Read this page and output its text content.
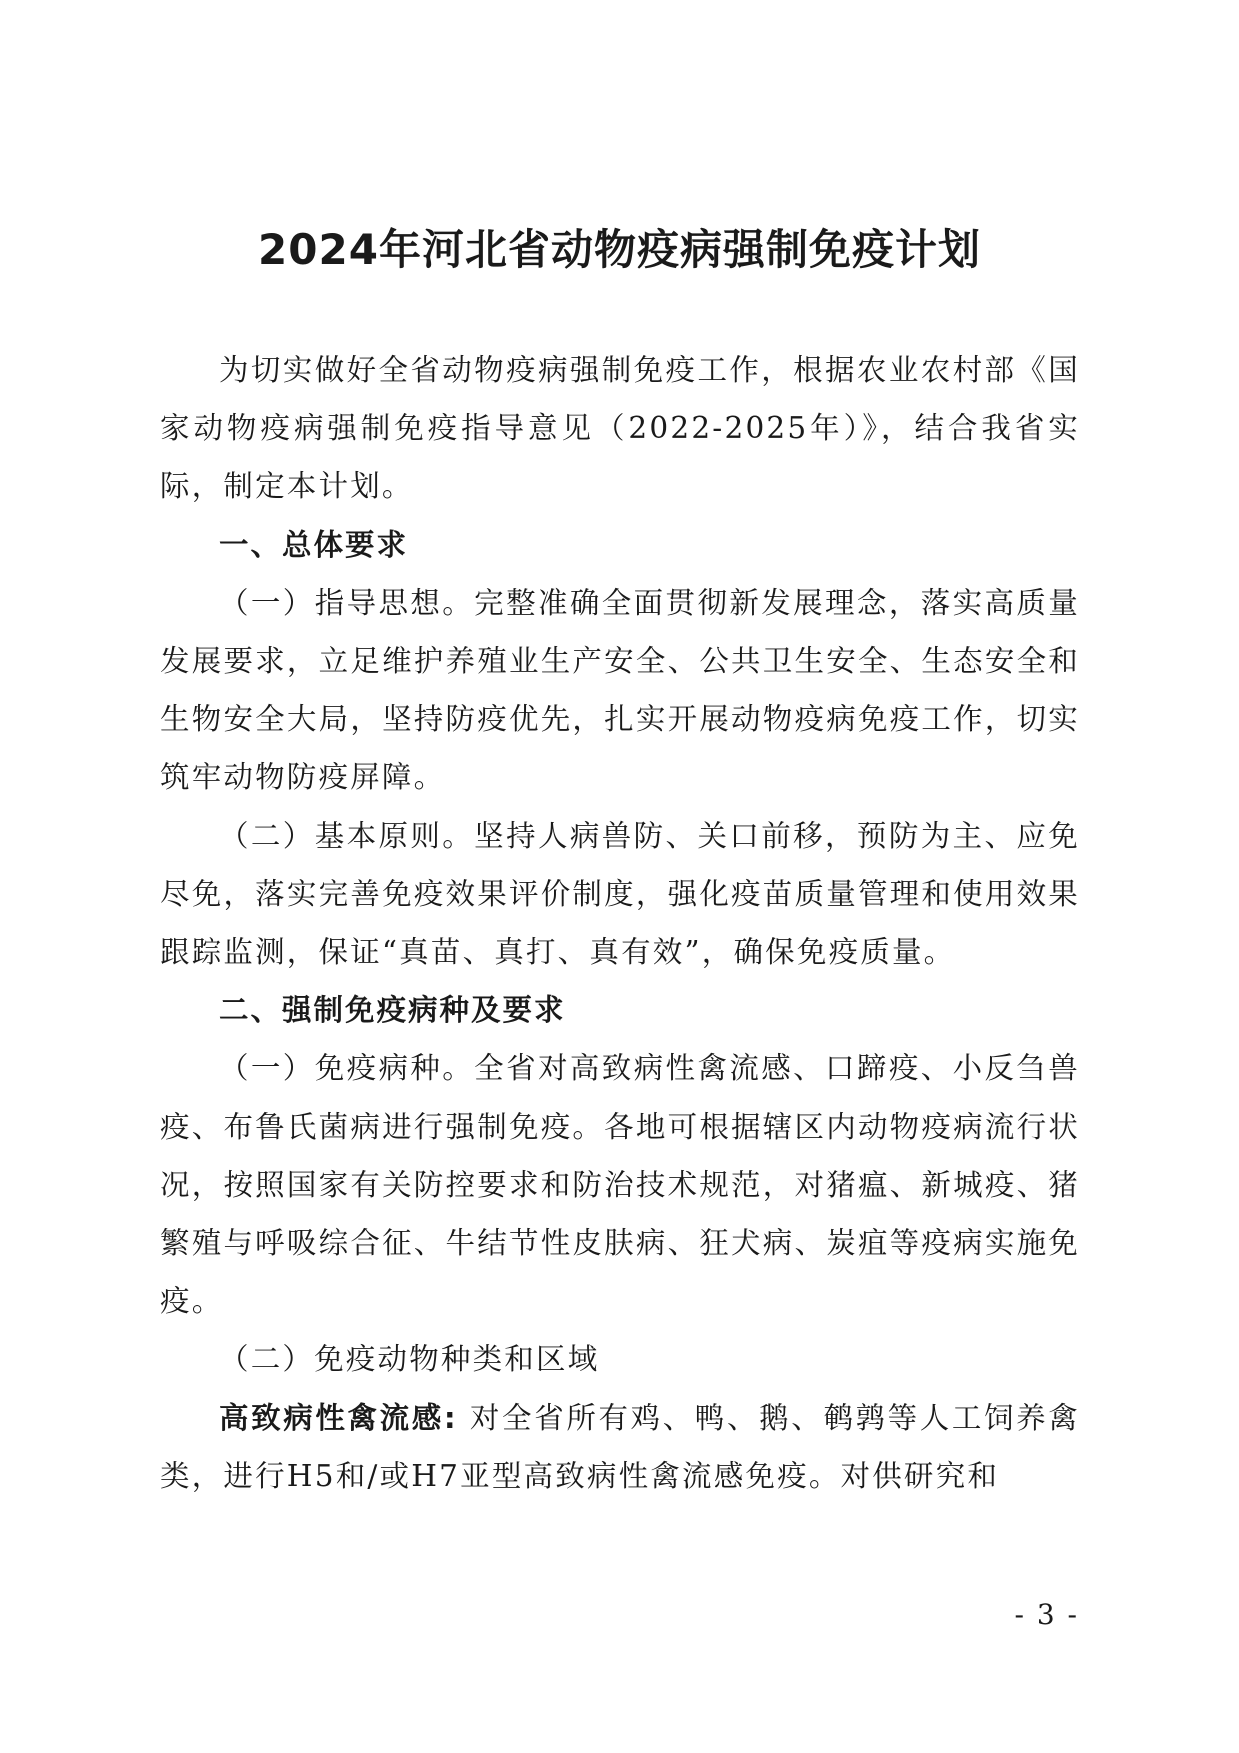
2024年河北省动物疫病强制免疫计划

为切实做好全省动物疫病强制免疫工作，根据农业农村部《国家动物疫病强制免疫指导意见（2022-2025年）》，结合我省实际，制定本计划。

一、总体要求

（一）指导思想。完整准确全面贯彻新发展理念，落实高质量发展要求，立足维护养殖业生产安全、公共卫生安全、生态安全和生物安全大局，坚持防疫优先，扎实开展动物疫病免疫工作，切实筑牢动物防疫屏障。

（二）基本原则。坚持人病兽防、关口前移，预防为主、应免尽免，落实完善免疫效果评价制度，强化疫苗质量管理和使用效果跟踪监测，保证“真苗、真打、真有效”，确保免疫质量。

二、强制免疫病种及要求

（一）免疫病种。全省对高致病性禽流感、口蹄疫、小反刍兽疫、布鲁氏菌病进行强制免疫。各地可根据辖区内动物疫病流行状况，按照国家有关防控要求和防治技术规范，对猪瘟、新城疫、猪繁殖与呼吸综合征、牛结节性皮肤病、狂犬病、炭疽等疫病实施免疫。

（二）免疫动物种类和区域

高致病性禽流感: 对全省所有鸡、鸭、鹅、鹌鹑等人工饲养禽类，进行H5和/或H7亚型高致病性禽流感免疫。对供研究和

- 3 -
